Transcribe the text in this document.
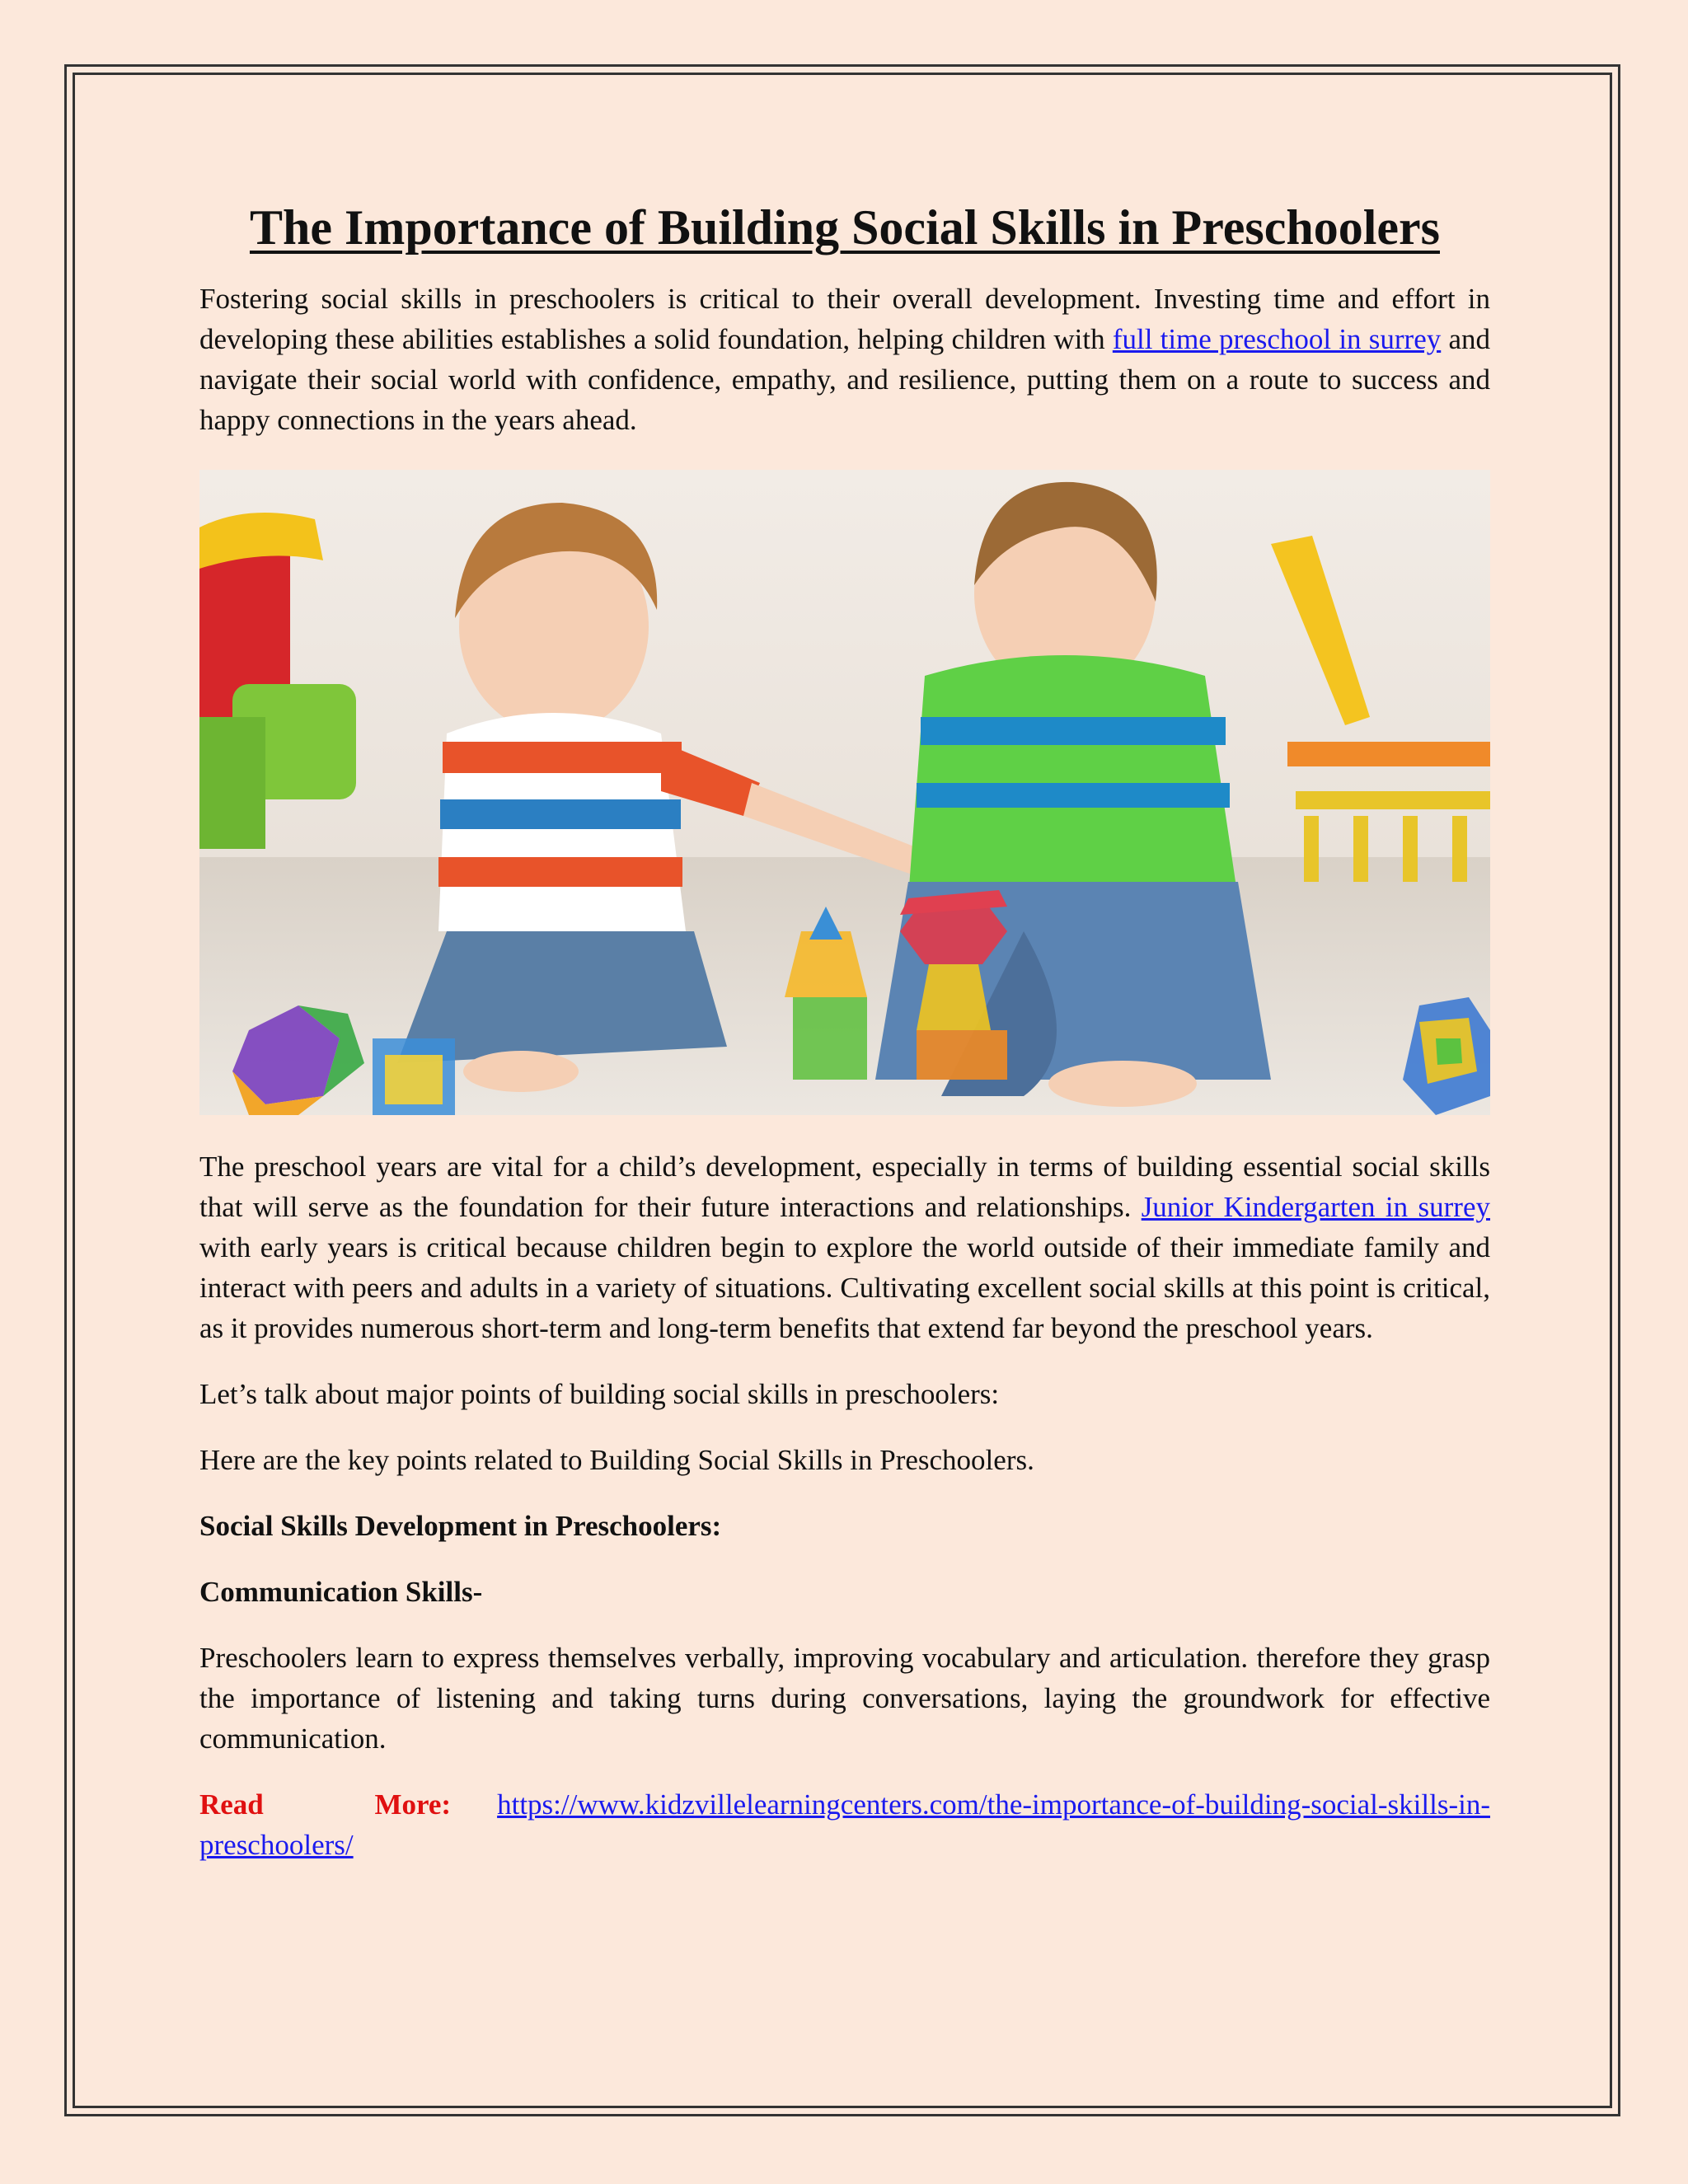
The Importance of Building Social Skills in Preschoolers

Fostering social skills in preschoolers is critical to their overall development. Investing time and effort in developing these abilities establishes a solid foundation, helping children with full time preschool in surrey and navigate their social world with confidence, empathy, and resilience, putting them on a route to success and happy connections in the years ahead.

The preschool years are vital for a child’s development, especially in terms of building essential social skills that will serve as the foundation for their future interactions and relationships. Junior Kindergarten in surrey with early years is critical because children begin to explore the world outside of their immediate family and interact with peers and adults in a variety of situations. Cultivating excellent social skills at this point is critical, as it provides numerous short-term and long-term benefits that extend far beyond the preschool years.

Let’s talk about major points of building social skills in preschoolers:

Here are the key points related to Building Social Skills in Preschoolers.

Social Skills Development in Preschoolers:

Communication Skills-

Preschoolers learn to express themselves verbally, improving vocabulary and articulation. therefore they grasp the importance of listening and taking turns during conversations, laying the groundwork for effective communication.

Read More: https://www.kidzvillelearningcenters.com/the-importance-of-building-social-skills-in-preschoolers/
